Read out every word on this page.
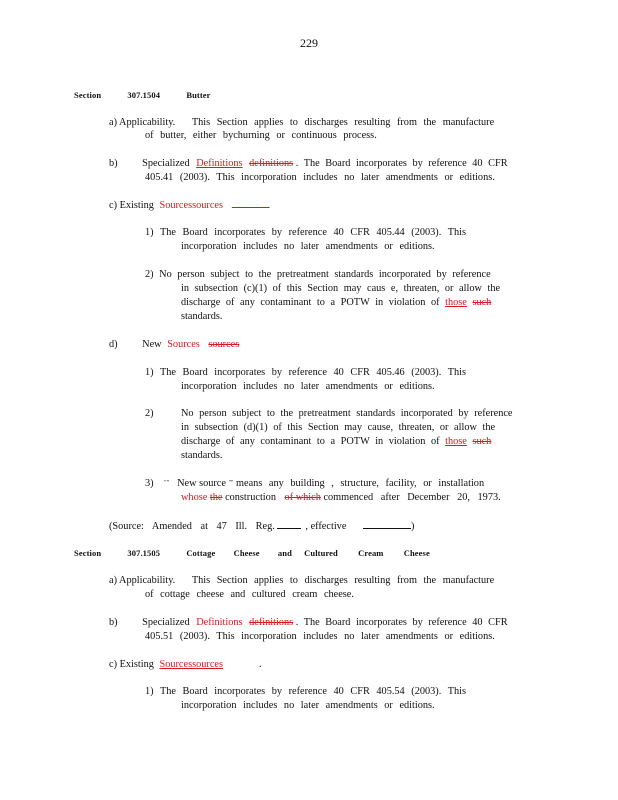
229
Section	307.1504	Butter
a) Applicability. This Section applies to discharges resulting from the manufacture
of butter, either bychurning or continuous process.
b) Specialized Definitions definitions . The Board incorporates by reference 40 CFR
405.41 (2003). This incorporation includes no later amendments or editions.
c) Existing Sourcessources	.
1) The Board incorporates by reference 40 CFR 405.44 (2003). This
incorporation includes no later amendments or editions.
2) No person subject to the pretreatment standards incorporated by reference
in subsection (c)(1) of this Section may caus e, threaten, or allow the
discharge of any contaminant to a POTW in violation of those such
standards.
d) New Sources sources
1) The Board incorporates by reference 40 CFR 405.46 (2003). This
incorporation includes no later amendments or editions.
2)	No person subject to the pretreatment standards incorporated by reference
in subsection (d)(1) of this Section may cause, threaten, or allow the
discharge of any contaminant to a POTW in violation of those such
standards.
3) "" New source "" means any building , structure, facility, or installation
whose the construction of which commenced after December 20, 1973.
(Source: Amended at 47 Ill. Reg.	, effective	)
Section	307.1505	Cottage Cheese and Cultured Cream Cheese
a) Applicability. This Section applies to discharges resulting from the manufacture
of cottage cheese and cultured cream cheese.
b) Specialized Definitions definitions . The Board incorporates by reference 40 CFR
405.51 (2003). This incorporation includes no later amendments or editions.
c) Existing Sourcessources	.
1) The Board incorporates by reference 40 CFR 405.54 (2003). This
incorporation includes no later amendments or editions.
